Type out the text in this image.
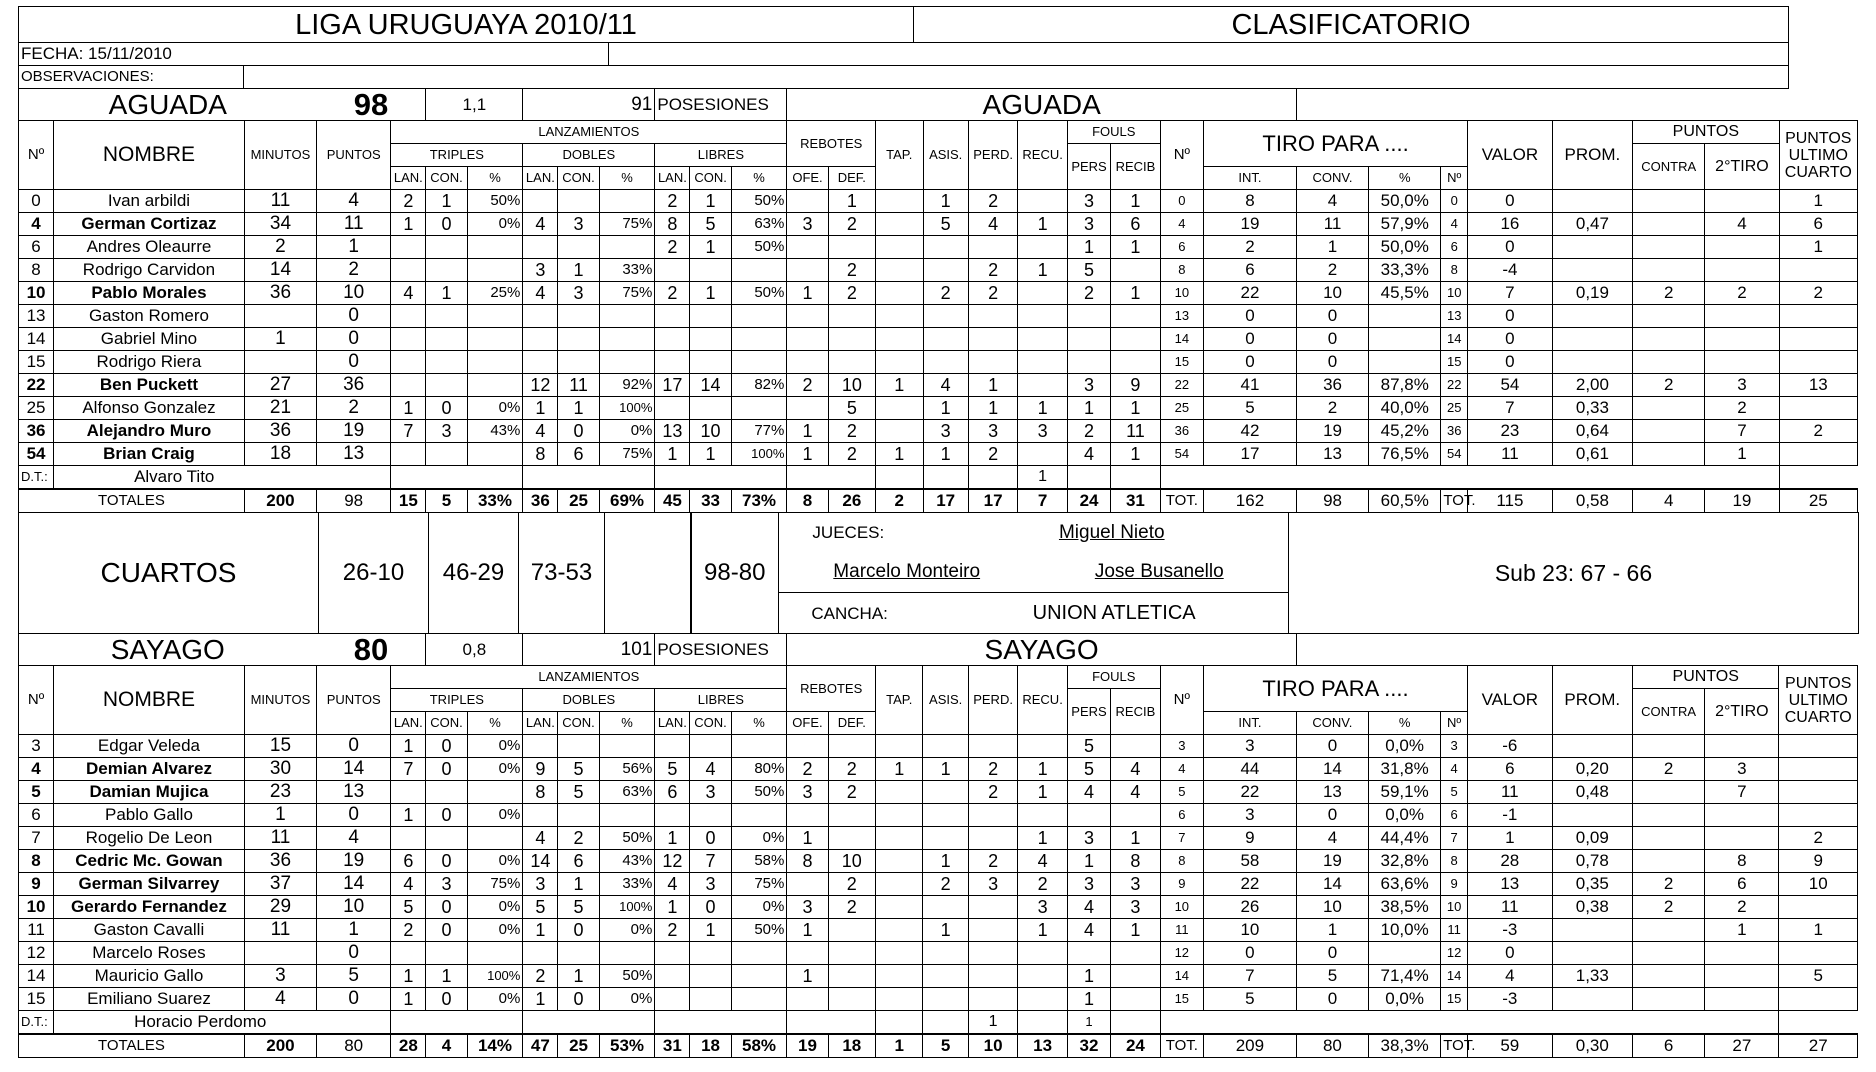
LIGA URUGUAYA 2010/11	CLASIFICATORIO
FECHA: 15/11/2010	
OBSERVACIONES:	
AGUADA			98		1,1		91			POSESIONES			AGUADA																	
Nº	NOMBRE	MINUTOS	PUNTOS	LANZAMIENTOS									REBOTES		TAP.	ASIS.	PERD.	RECU.	FOULS		Nº	TIRO PARA ....				VALOR	PROM.	PUNTOS		PUNTOS ULTIMO CUARTO
				TRIPLES			DOBLES			LIBRES									PERS	RECIB								CONTRA	2°TIRO	
				LAN.	CON.	%	LAN.	CON.	%	LAN.	CON.	%	OFE.	DEF.								INT.	CONV.	%	Nº					
0	Ivan arbildi	11	4	2	1	50%				2	1	50%		1		1	2		3	1	0	8	4	50,0%	0	0				1
4	German Cortizaz	34	11	1	0	0%	4	3	75%	8	5	63%	3	2		5	4	1	3	6	4	19	11	57,9%	4	16	0,47		4	6
6	Andres Oleaurre	2	1							2	1	50%							1	1	6	2	1	50,0%	6	0				1
8	Rodrigo Carvidon	14	2				3	1	33%					2			2	1	5		8	6	2	33,3%	8	-4				
10	Pablo Morales	36	10	4	1	25%	4	3	75%	2	1	50%	1	2		2	2		2	1	10	22	10	45,5%	10	7	0,19	2	2	2
13	Gaston Romero		0																		13	0	0		13	0				
14	Gabriel Mino	1	0																		14	0	0		14	0				
15	Rodrigo Riera		0																		15	0	0		15	0				
22	Ben Puckett	27	36				12	11	92%	17	14	82%	2	10	1	4	1		3	9	22	41	36	87,8%	22	54	2,00	2	3	13
25	Alfonso Gonzalez	21	2	1	0	0%	1	1	100%					5		1	1	1	1	1	25	5	2	40,0%	25	7	0,33		2	
36	Alejandro Muro	36	19	7	3	43%	4	0	0%	13	10	77%	1	2		3	3	3	2	11	36	42	19	45,2%	36	23	0,64		7	2
54	Brian Craig	18	13				8	6	75%	1	1	100%	1	2	1	1	2		4	1	54	17	13	76,5%	54	11	0,61		1	
D.T.:	Alvaro Tito																	1												
TOTALES		200	98	15	5	33%	36	25	69%	45	33	73%	8	26	2	17	17	7	24	31	TOT.	162	98	60,5%	TOT.	115	0,58	4	19	25
CUARTOS	26-10	46-29	73-53		98-80	JUECES:	Miguel Nieto	Sub 23: 67 - 66
Marcelo Monteiro	Jose Busanello
CANCHA:	UNION ATLETICA
SAYAGO			80		0,8		101			POSESIONES			SAYAGO																	
Nº	NOMBRE	MINUTOS	PUNTOS	LANZAMIENTOS									REBOTES		TAP.	ASIS.	PERD.	RECU.	FOULS		Nº	TIRO PARA ....				VALOR	PROM.	PUNTOS		PUNTOS ULTIMO CUARTO
				TRIPLES			DOBLES			LIBRES									PERS	RECIB								CONTRA	2°TIRO	
				LAN.	CON.	%	LAN.	CON.	%	LAN.	CON.	%	OFE.	DEF.								INT.	CONV.	%	Nº					
3	Edgar Veleda	15	0	1	0	0%													5		3	3	0	0,0%	3	-6				
4	Demian Alvarez	30	14	7	0	0%	9	5	56%	5	4	80%	2	2	1	1	2	1	5	4	4	44	14	31,8%	4	6	0,20	2	3	
5	Damian Mujica	23	13				8	5	63%	6	3	50%	3	2			2	1	4	4	5	22	13	59,1%	5	11	0,48		7	
6	Pablo Gallo	1	0	1	0	0%															6	3	0	0,0%	6	-1				
7	Rogelio De Leon	11	4				4	2	50%	1	0	0%	1					1	3	1	7	9	4	44,4%	7	1	0,09			2
8	Cedric Mc. Gowan	36	19	6	0	0%	14	6	43%	12	7	58%	8	10		1	2	4	1	8	8	58	19	32,8%	8	28	0,78		8	9
9	German Silvarrey	37	14	4	3	75%	3	1	33%	4	3	75%		2		2	3	2	3	3	9	22	14	63,6%	9	13	0,35	2	6	10
10	Gerardo Fernandez	29	10	5	0	0%	5	5	100%	1	0	0%	3	2				3	4	3	10	26	10	38,5%	10	11	0,38	2	2	
11	Gaston Cavalli	11	1	2	0	0%	1	0	0%	2	1	50%	1			1		1	4	1	11	10	1	10,0%	11	-3			1	1
12	Marcelo Roses		0																		12	0	0		12	0				
14	Mauricio Gallo	3	5	1	1	100%	2	1	50%				1						1		14	7	5	71,4%	14	4	1,33			5
15	Emiliano Suarez	4	0	1	0	0%	1	0	0%										1		15	5	0	0,0%	15	-3				
D.T.:	Horacio Perdomo																1		1											
TOTALES		200	80	28	4	14%	47	25	53%	31	18	58%	19	18	1	5	10	13	32	24	TOT.	209	80	38,3%	TOT.	59	0,30	6	27	27
